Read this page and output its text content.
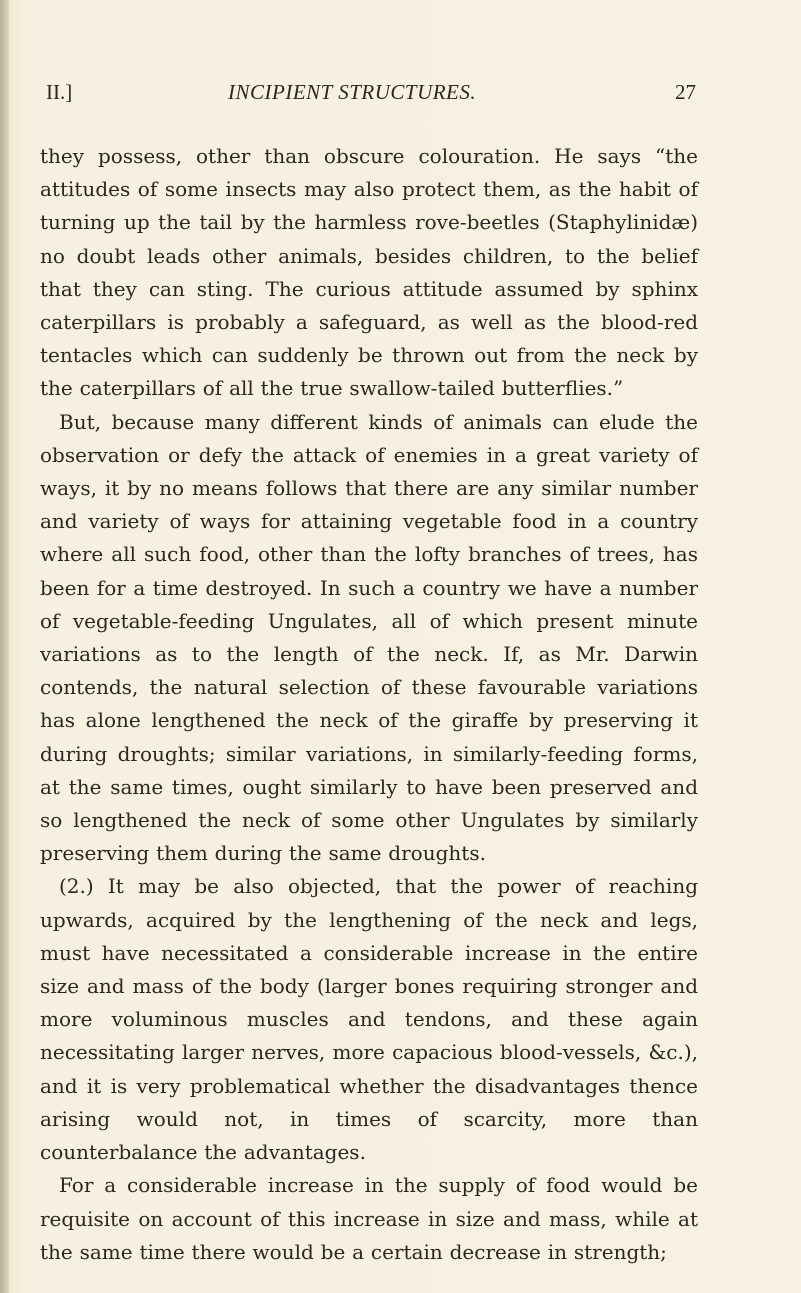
II.]	INCIPIENT STRUCTURES.	27

they possess, other than obscure colouration. He says “the attitudes of some insects may also protect them, as the habit of turning up the tail by the harmless rove-beetles (Staphylinidæ) no doubt leads other animals, besides children, to the belief that they can sting. The curious attitude assumed by sphinx caterpillars is probably a safeguard, as well as the blood-red tentacles which can suddenly be thrown out from the neck by the caterpillars of all the true swallow-tailed butterflies.”

But, because many different kinds of animals can elude the observation or defy the attack of enemies in a great variety of ways, it by no means follows that there are any similar number and variety of ways for attaining vegetable food in a country where all such food, other than the lofty branches of trees, has been for a time destroyed. In such a country we have a number of vegetable-feeding Ungulates, all of which present minute variations as to the length of the neck. If, as Mr. Darwin contends, the natural selection of these favourable variations has alone lengthened the neck of the giraffe by preserving it during droughts; similar variations, in similarly-feeding forms, at the same times, ought similarly to have been preserved and so lengthened the neck of some other Ungulates by similarly preserving them during the same droughts.

(2.) It may be also objected, that the power of reaching upwards, acquired by the lengthening of the neck and legs, must have necessitated a considerable increase in the entire size and mass of the body (larger bones requiring stronger and more voluminous muscles and tendons, and these again necessitating larger nerves, more capacious blood-vessels, &c.), and it is very problematical whether the disadvantages thence arising would not, in times of scarcity, more than counterbalance the advantages.

For a considerable increase in the supply of food would be requisite on account of this increase in size and mass, while at the same time there would be a certain decrease in strength;
